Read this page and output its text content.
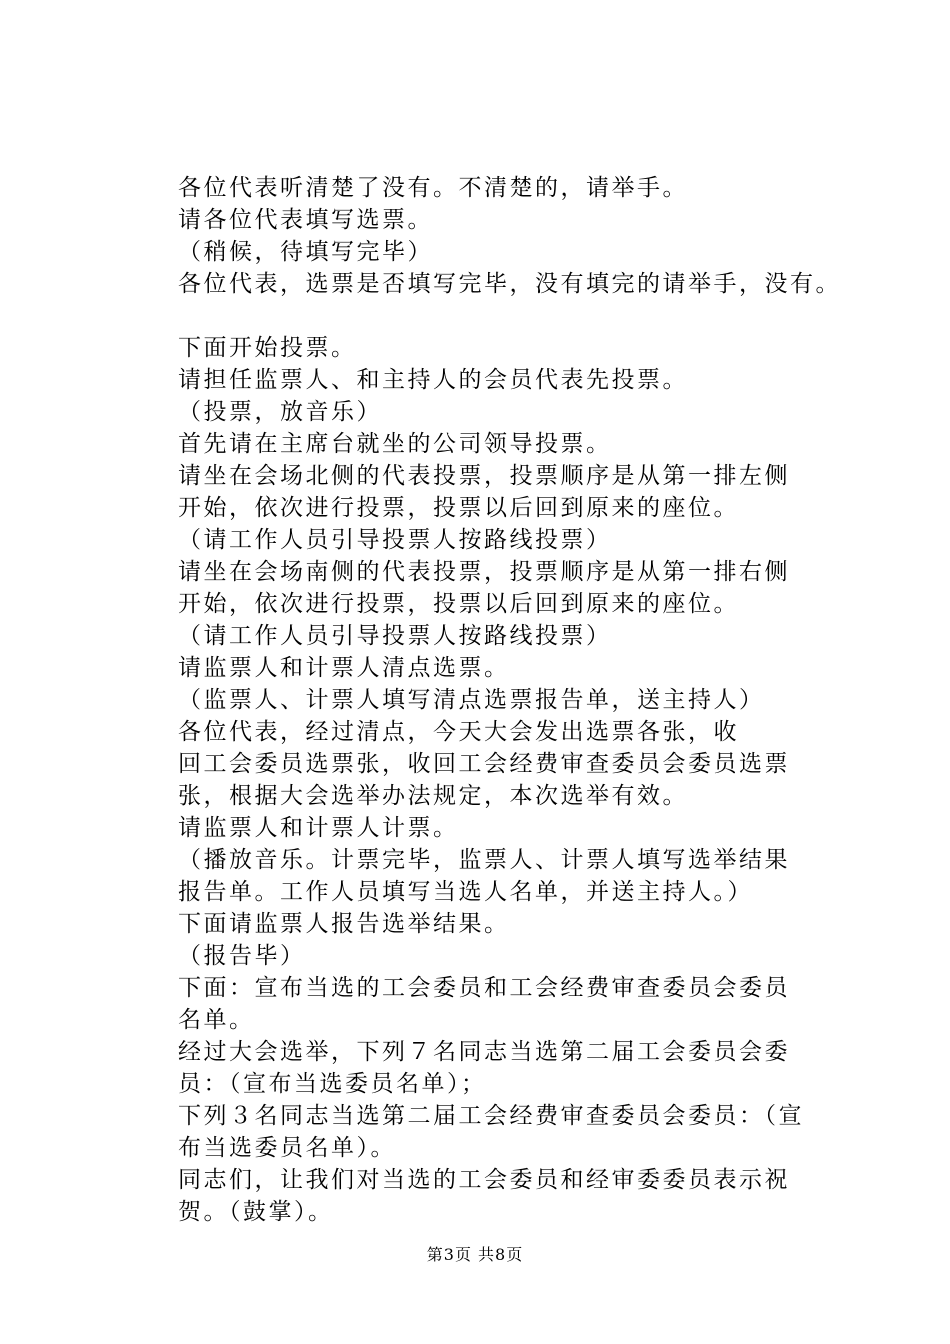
各位代表听清楚了没有。不清楚的，请举手。
请各位代表填写选票。
（稍候，待填写完毕）
各位代表，选票是否填写完毕，没有填完的请举手，没有。
下面开始投票。
请担任监票人、和主持人的会员代表先投票。
（投票，放音乐）
首先请在主席台就坐的公司领导投票。
请坐在会场北侧的代表投票，投票顺序是从第一排左侧
开始，依次进行投票，投票以后回到原来的座位。
（请工作人员引导投票人按路线投票）
请坐在会场南侧的代表投票，投票顺序是从第一排右侧
开始，依次进行投票，投票以后回到原来的座位。
（请工作人员引导投票人按路线投票）
请监票人和计票人清点选票。
（监票人、计票人填写清点选票报告单，送主持人）
各位代表，经过清点，今天大会发出选票各张，收
回工会委员选票张，收回工会经费审查委员会委员选票
张，根据大会选举办法规定，本次选举有效。
请监票人和计票人计票。
（播放音乐。计票完毕，监票人、计票人填写选举结果
报告单。工作人员填写当选人名单，并送主持人。）
下面请监票人报告选举结果。
（报告毕）
下面：宣布当选的工会委员和工会经费审查委员会委员
名单。
经过大会选举，下列７名同志当选第二届工会委员会委
员：（宣布当选委员名单）；
下列３名同志当选第二届工会经费审查委员会委员：（宣
布当选委员名单）。
同志们，让我们对当选的工会委员和经审委委员表示祝
贺。（鼓掌）。
第3页 共8页
